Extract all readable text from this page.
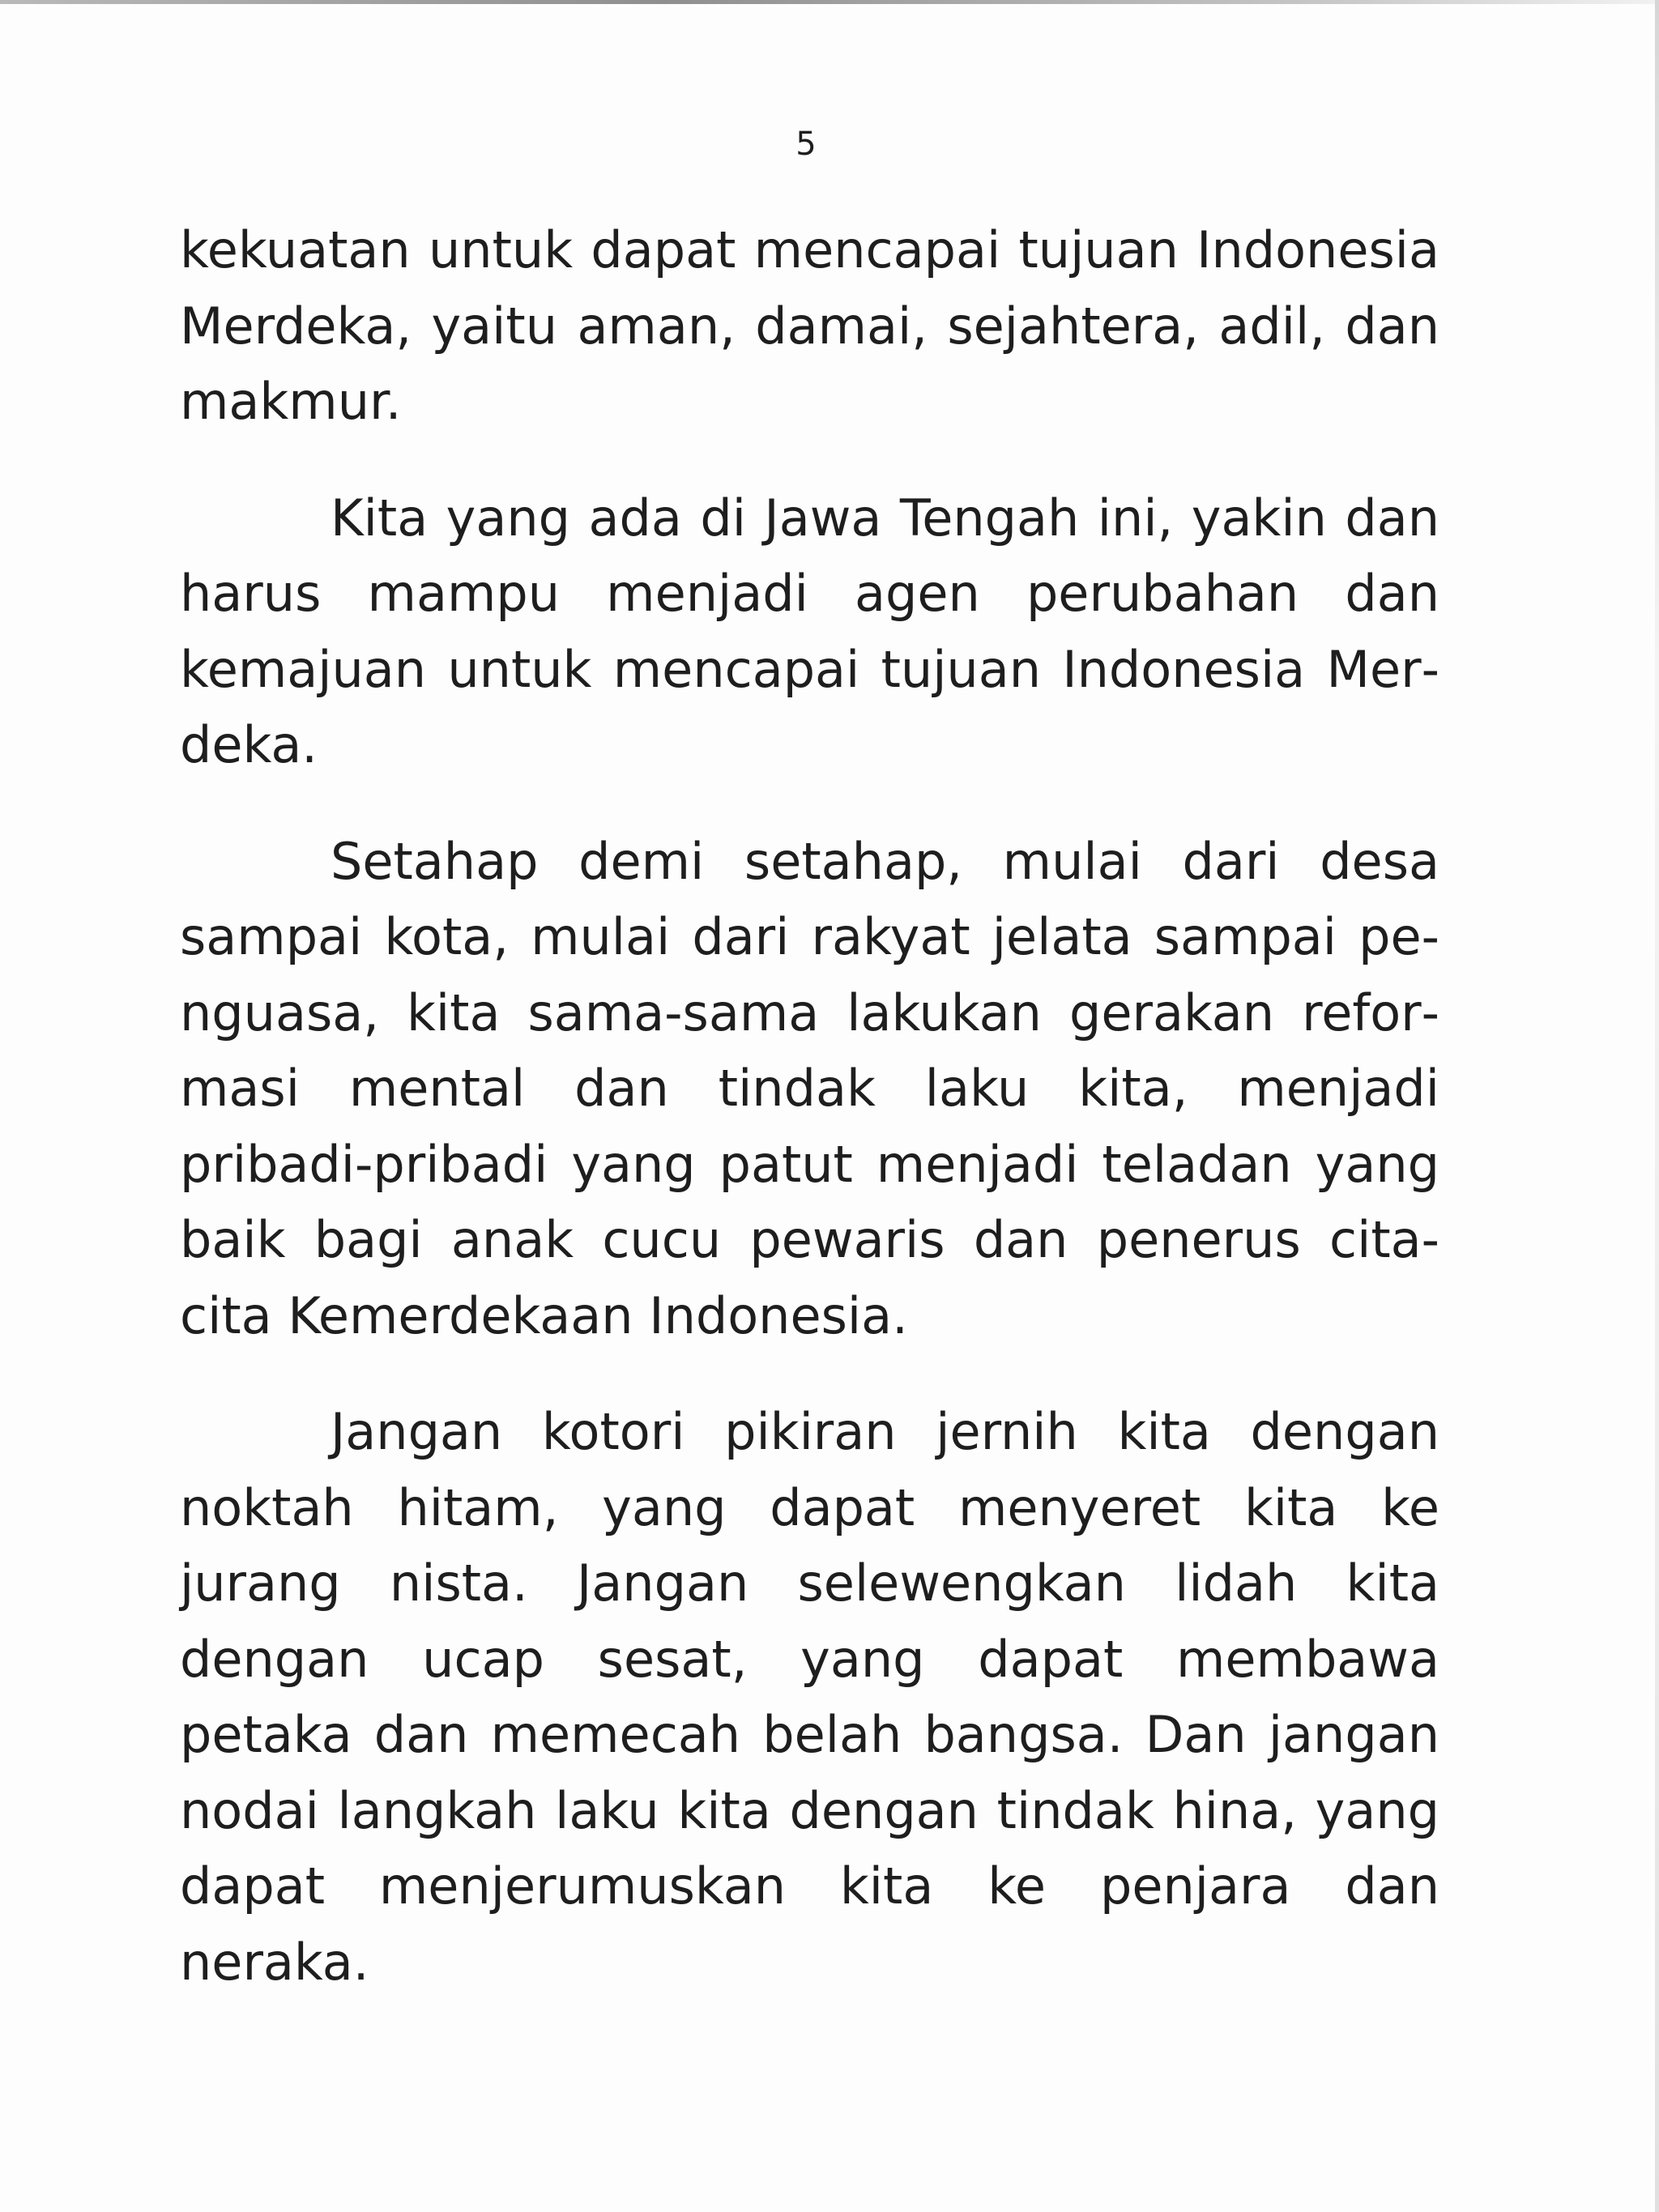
5

kekuatan untuk dapat mencapai tujuan Indonesia Merdeka, yaitu aman, damai, sejahtera, adil, dan makmur.

Kita yang ada di Jawa Tengah ini, yakin dan harus mampu menjadi agen perubahan dan kemajuan untuk mencapai tujuan Indonesia Merdeka.

Setahap demi setahap, mulai dari desa sampai kota, mulai dari rakyat jelata sampai penguasa, kita sama-sama lakukan gerakan reformasi mental dan tindak laku kita, menjadi pribadi-pribadi yang patut menjadi teladan yang baik bagi anak cucu pewaris dan penerus cita-cita Kemerdekaan Indonesia.

Jangan kotori pikiran jernih kita dengan noktah hitam, yang dapat menyeret kita ke jurang nista. Jangan selewengkan lidah kita dengan ucap sesat, yang dapat membawa petaka dan memecah belah bangsa. Dan jangan nodai langkah laku kita dengan tindak hina, yang dapat menjerumuskan kita ke penjara dan neraka.
